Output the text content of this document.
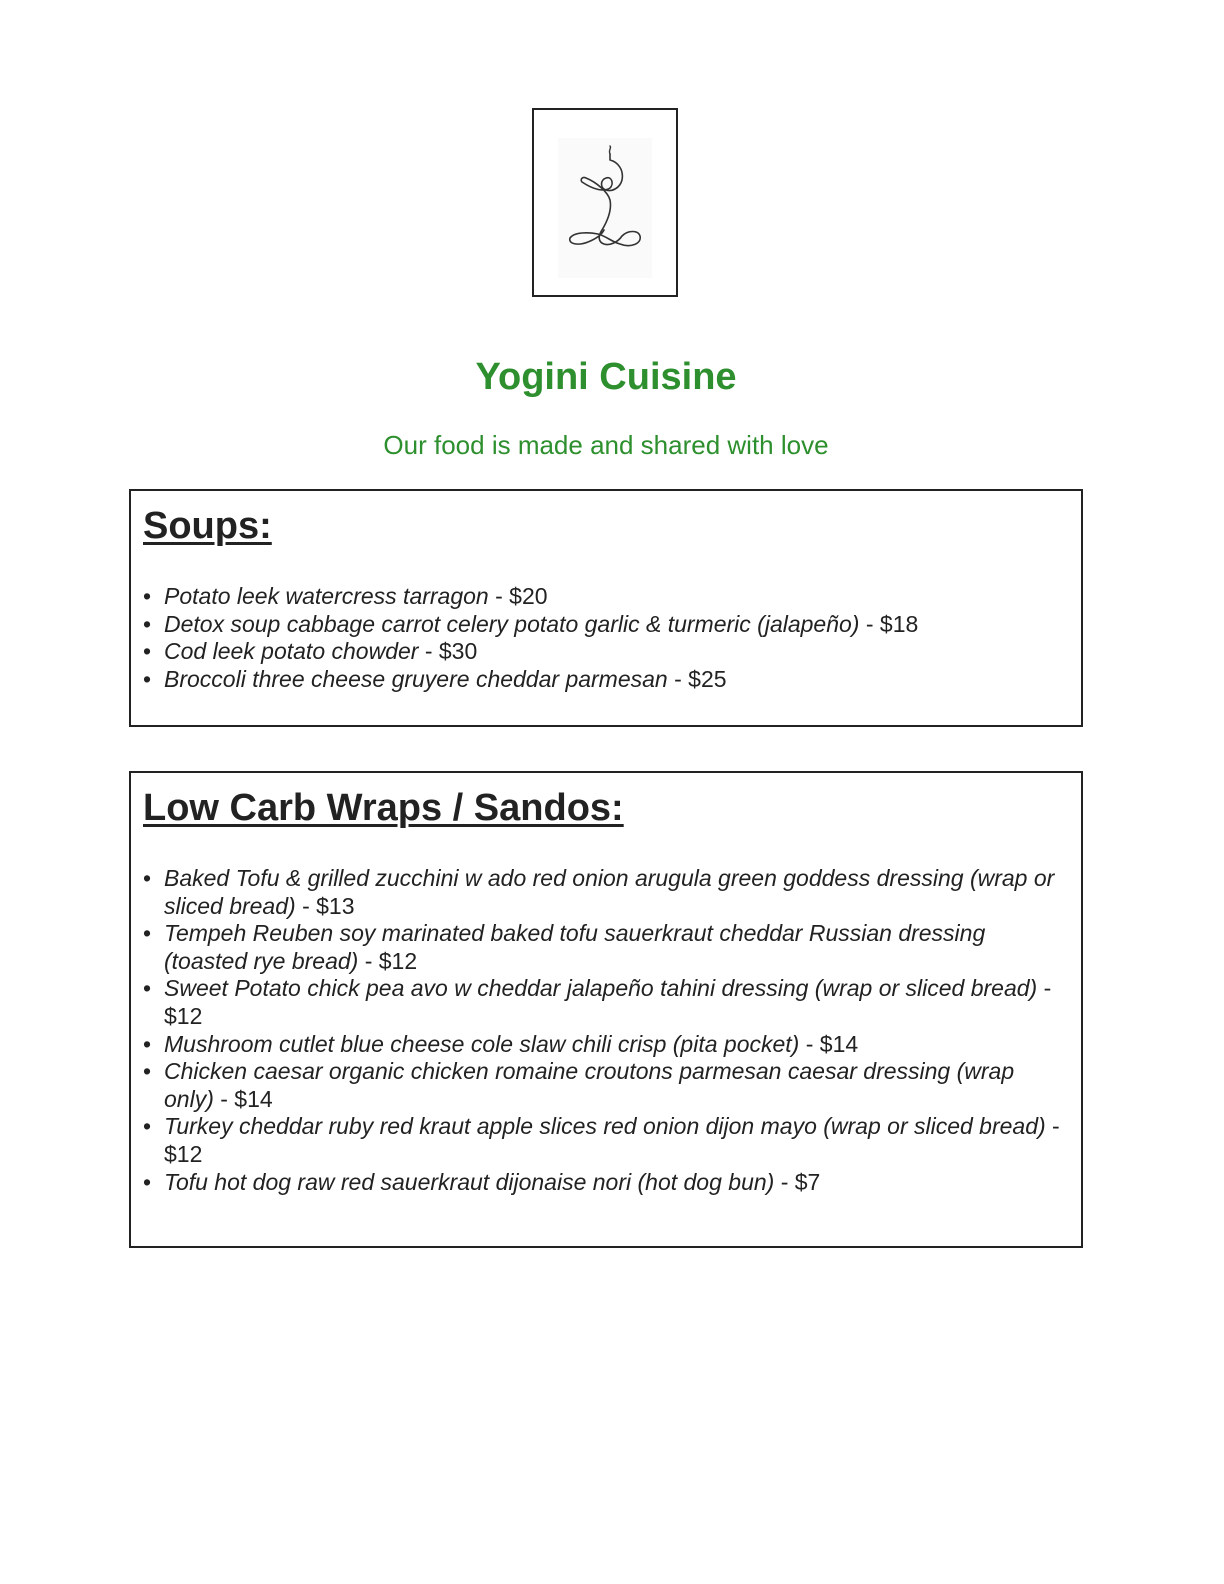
Yogini Cuisine

Our food is made and shared with love

Soups:
• Potato leek watercress tarragon - $20
• Detox soup cabbage carrot celery potato garlic & turmeric (jalapeño) - $18
• Cod leek potato chowder - $30
• Broccoli three cheese gruyere cheddar parmesan - $25
Low Carb Wraps / Sandos:
• Baked Tofu & grilled zucchini w ado red onion arugula green goddess dressing (wrap or sliced bread) - $13
• Tempeh Reuben soy marinated baked tofu sauerkraut cheddar Russian dressing (toasted rye bread) - $12
• Sweet Potato chick pea avo w cheddar jalapeño tahini dressing (wrap or sliced bread) - $12
• Mushroom cutlet blue cheese cole slaw chili crisp (pita pocket) - $14
• Chicken caesar organic chicken romaine croutons parmesan caesar dressing (wrap only) - $14
• Turkey cheddar ruby red kraut apple slices red onion dijon mayo (wrap or sliced bread) - $12
• Tofu hot dog raw red sauerkraut dijonaise nori (hot dog bun) - $7
